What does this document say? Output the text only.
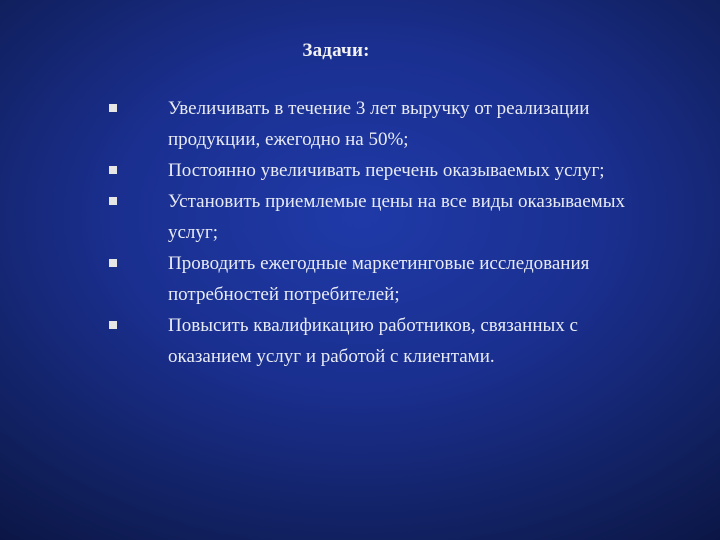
Задачи:
Увеличивать в течение 3 лет выручку от реализации продукции, ежегодно на 50%;
Постоянно увеличивать перечень оказываемых услуг;
Установить приемлемые цены на все виды оказываемых услуг;
Проводить ежегодные маркетинговые исследования потребностей потребителей;
Повысить квалификацию работников, связанных с оказанием услуг и работой с клиентами.
